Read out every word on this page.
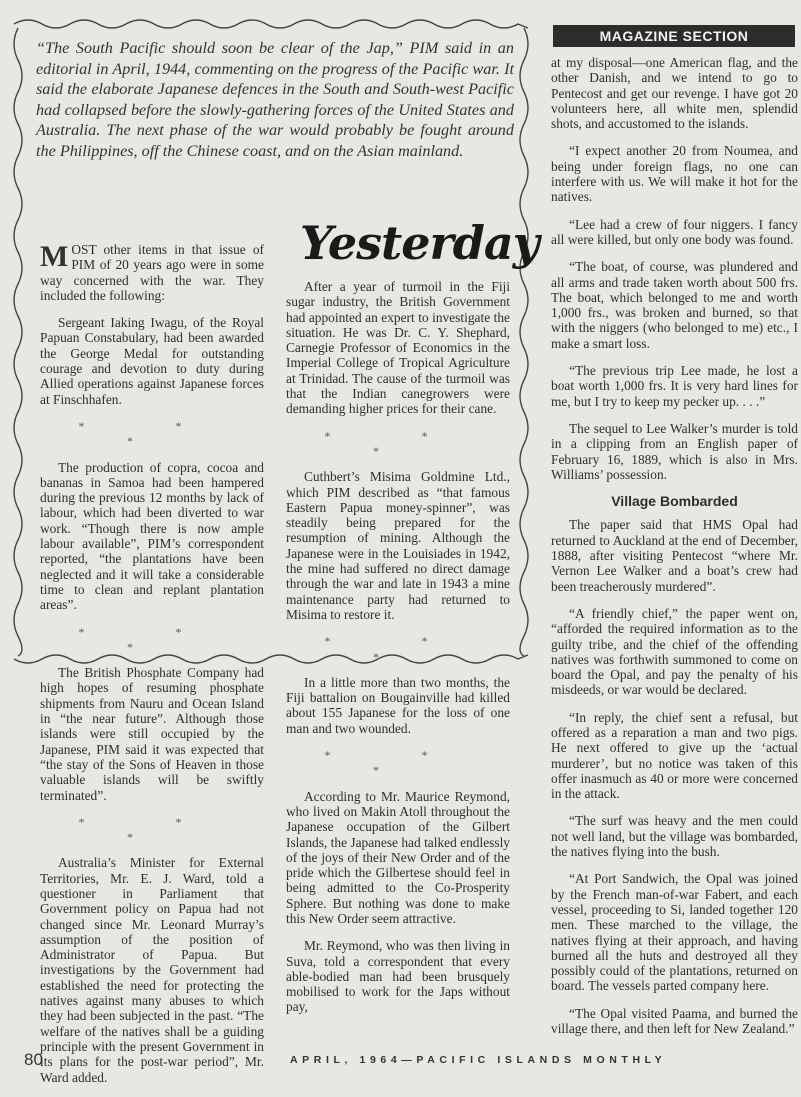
“The South Pacific should soon be clear of the Jap,” PIM said in an editorial in April, 1944, commenting on the progress of the Pacific war. It said the elaborate Japanese defences in the South and South-west Pacific had collapsed before the slowly-gathering forces of the United States and Australia. The next phase of the war would probably be fought around the Philippines, off the Chinese coast, and on the Asian mainland.

Yesterday

MOST other items in that issue of PIM of 20 years ago were in some way concerned with the war. They included the following:

Sergeant Iaking Iwagu, of the Royal Papuan Constabulary, had been awarded the George Medal for outstanding courage and devotion to duty during Allied operations against Japanese forces at Finschhafen.

* * *

The production of copra, cocoa and bananas in Samoa had been hampered during the previous 12 months by lack of labour, which had been diverted to war work. “Though there is now ample labour available”, PIM’s correspondent reported, “the plantations have been neglected and it will take a considerable time to clean and replant plantation areas”.

* * *

The British Phosphate Company had high hopes of resuming phosphate shipments from Nauru and Ocean Island in “the near future”. Although those islands were still occupied by the Japanese, PIM said it was expected that “the stay of the Sons of Heaven in those valuable islands will be swiftly terminated”.

* * *

Australia’s Minister for External Territories, Mr. E. J. Ward, told a questioner in Parliament that Government policy on Papua had not changed since Mr. Leonard Murray’s assumption of the position of Administrator of Papua. But investigations by the Government had established the need for protecting the natives against many abuses to which they had been subjected in the past. “The welfare of the natives shall be a guiding principle with the present Government in its plans for the post-war period”, Mr. Ward added.

After a year of turmoil in the Fiji sugar industry, the British Government had appointed an expert to investigate the situation. He was Dr. C. Y. Shephard, Carnegie Professor of Economics in the Imperial College of Tropical Agriculture at Trinidad. The cause of the turmoil was that the Indian canegrowers were demanding higher prices for their cane.

* * *

Cuthbert’s Misima Goldmine Ltd., which PIM described as “that famous Eastern Papua money-spinner”, was steadily being prepared for the resumption of mining. Although the Japanese were in the Louisiades in 1942, the mine had suffered no direct damage through the war and late in 1943 a mine maintenance party had returned to Misima to restore it.

* * *

In a little more than two months, the Fiji battalion on Bougainville had killed about 155 Japanese for the loss of one man and two wounded.

* * *

According to Mr. Maurice Reymond, who lived on Makin Atoll throughout the Japanese occupation of the Gilbert Islands, the Japanese had talked endlessly of the joys of their New Order and of the pride which the Gilbertese should feel in being admitted to the Co-Prosperity Sphere. But nothing was done to make this New Order seem attractive.

Mr. Reymond, who was then living in Suva, told a correspondent that every able-bodied man had been brusquely mobilised to work for the Japs without pay,

MAGAZINE SECTION

at my disposal—one American flag, and the other Danish, and we intend to go to Pentecost and get our revenge. I have got 20 volunteers here, all white men, splendid shots, and accustomed to the islands.

“I expect another 20 from Noumea, and being under foreign flags, no one can interfere with us. We will make it hot for the natives.

“Lee had a crew of four niggers. I fancy all were killed, but only one body was found.

“The boat, of course, was plundered and all arms and trade taken worth about 500 frs. The boat, which belonged to me and worth 1,000 frs., was broken and burned, so that with the niggers (who belonged to me) etc., I make a smart loss.

“The previous trip Lee made, he lost a boat worth 1,000 frs. It is very hard lines for me, but I try to keep my pecker up. . . .”

The sequel to Lee Walker’s murder is told in a clipping from an English paper of February 16, 1889, which is also in Mrs. Williams’ possession.

Village Bombarded

The paper said that HMS Opal had returned to Auckland at the end of December, 1888, after visiting Pentecost “where Mr. Vernon Lee Walker and a boat’s crew had been treacherously murdered”.

“A friendly chief,” the paper went on, “afforded the required information as to the guilty tribe, and the chief of the offending natives was forthwith summoned to come on board the Opal, and pay the penalty of his misdeeds, or war would be declared.

“In reply, the chief sent a refusal, but offered as a reparation a man and two pigs. He next offered to give up the ‘actual murderer’, but no notice was taken of this offer inasmuch as 40 or more were concerned in the attack.

“The surf was heavy and the men could not well land, but the village was bombarded, the natives flying into the bush.

“At Port Sandwich, the Opal was joined by the French man-of-war Fabert, and each vessel, proceeding to Si, landed together 120 men. These marched to the village, the natives flying at their approach, and having burned all the huts and destroyed all they possibly could of the plantations, returned on board. The vessels parted company here.

“The Opal visited Paama, and burned the village there, and then left for New Zealand.”

80	APRIL, 1964—PACIFIC ISLANDS MONTHLY
